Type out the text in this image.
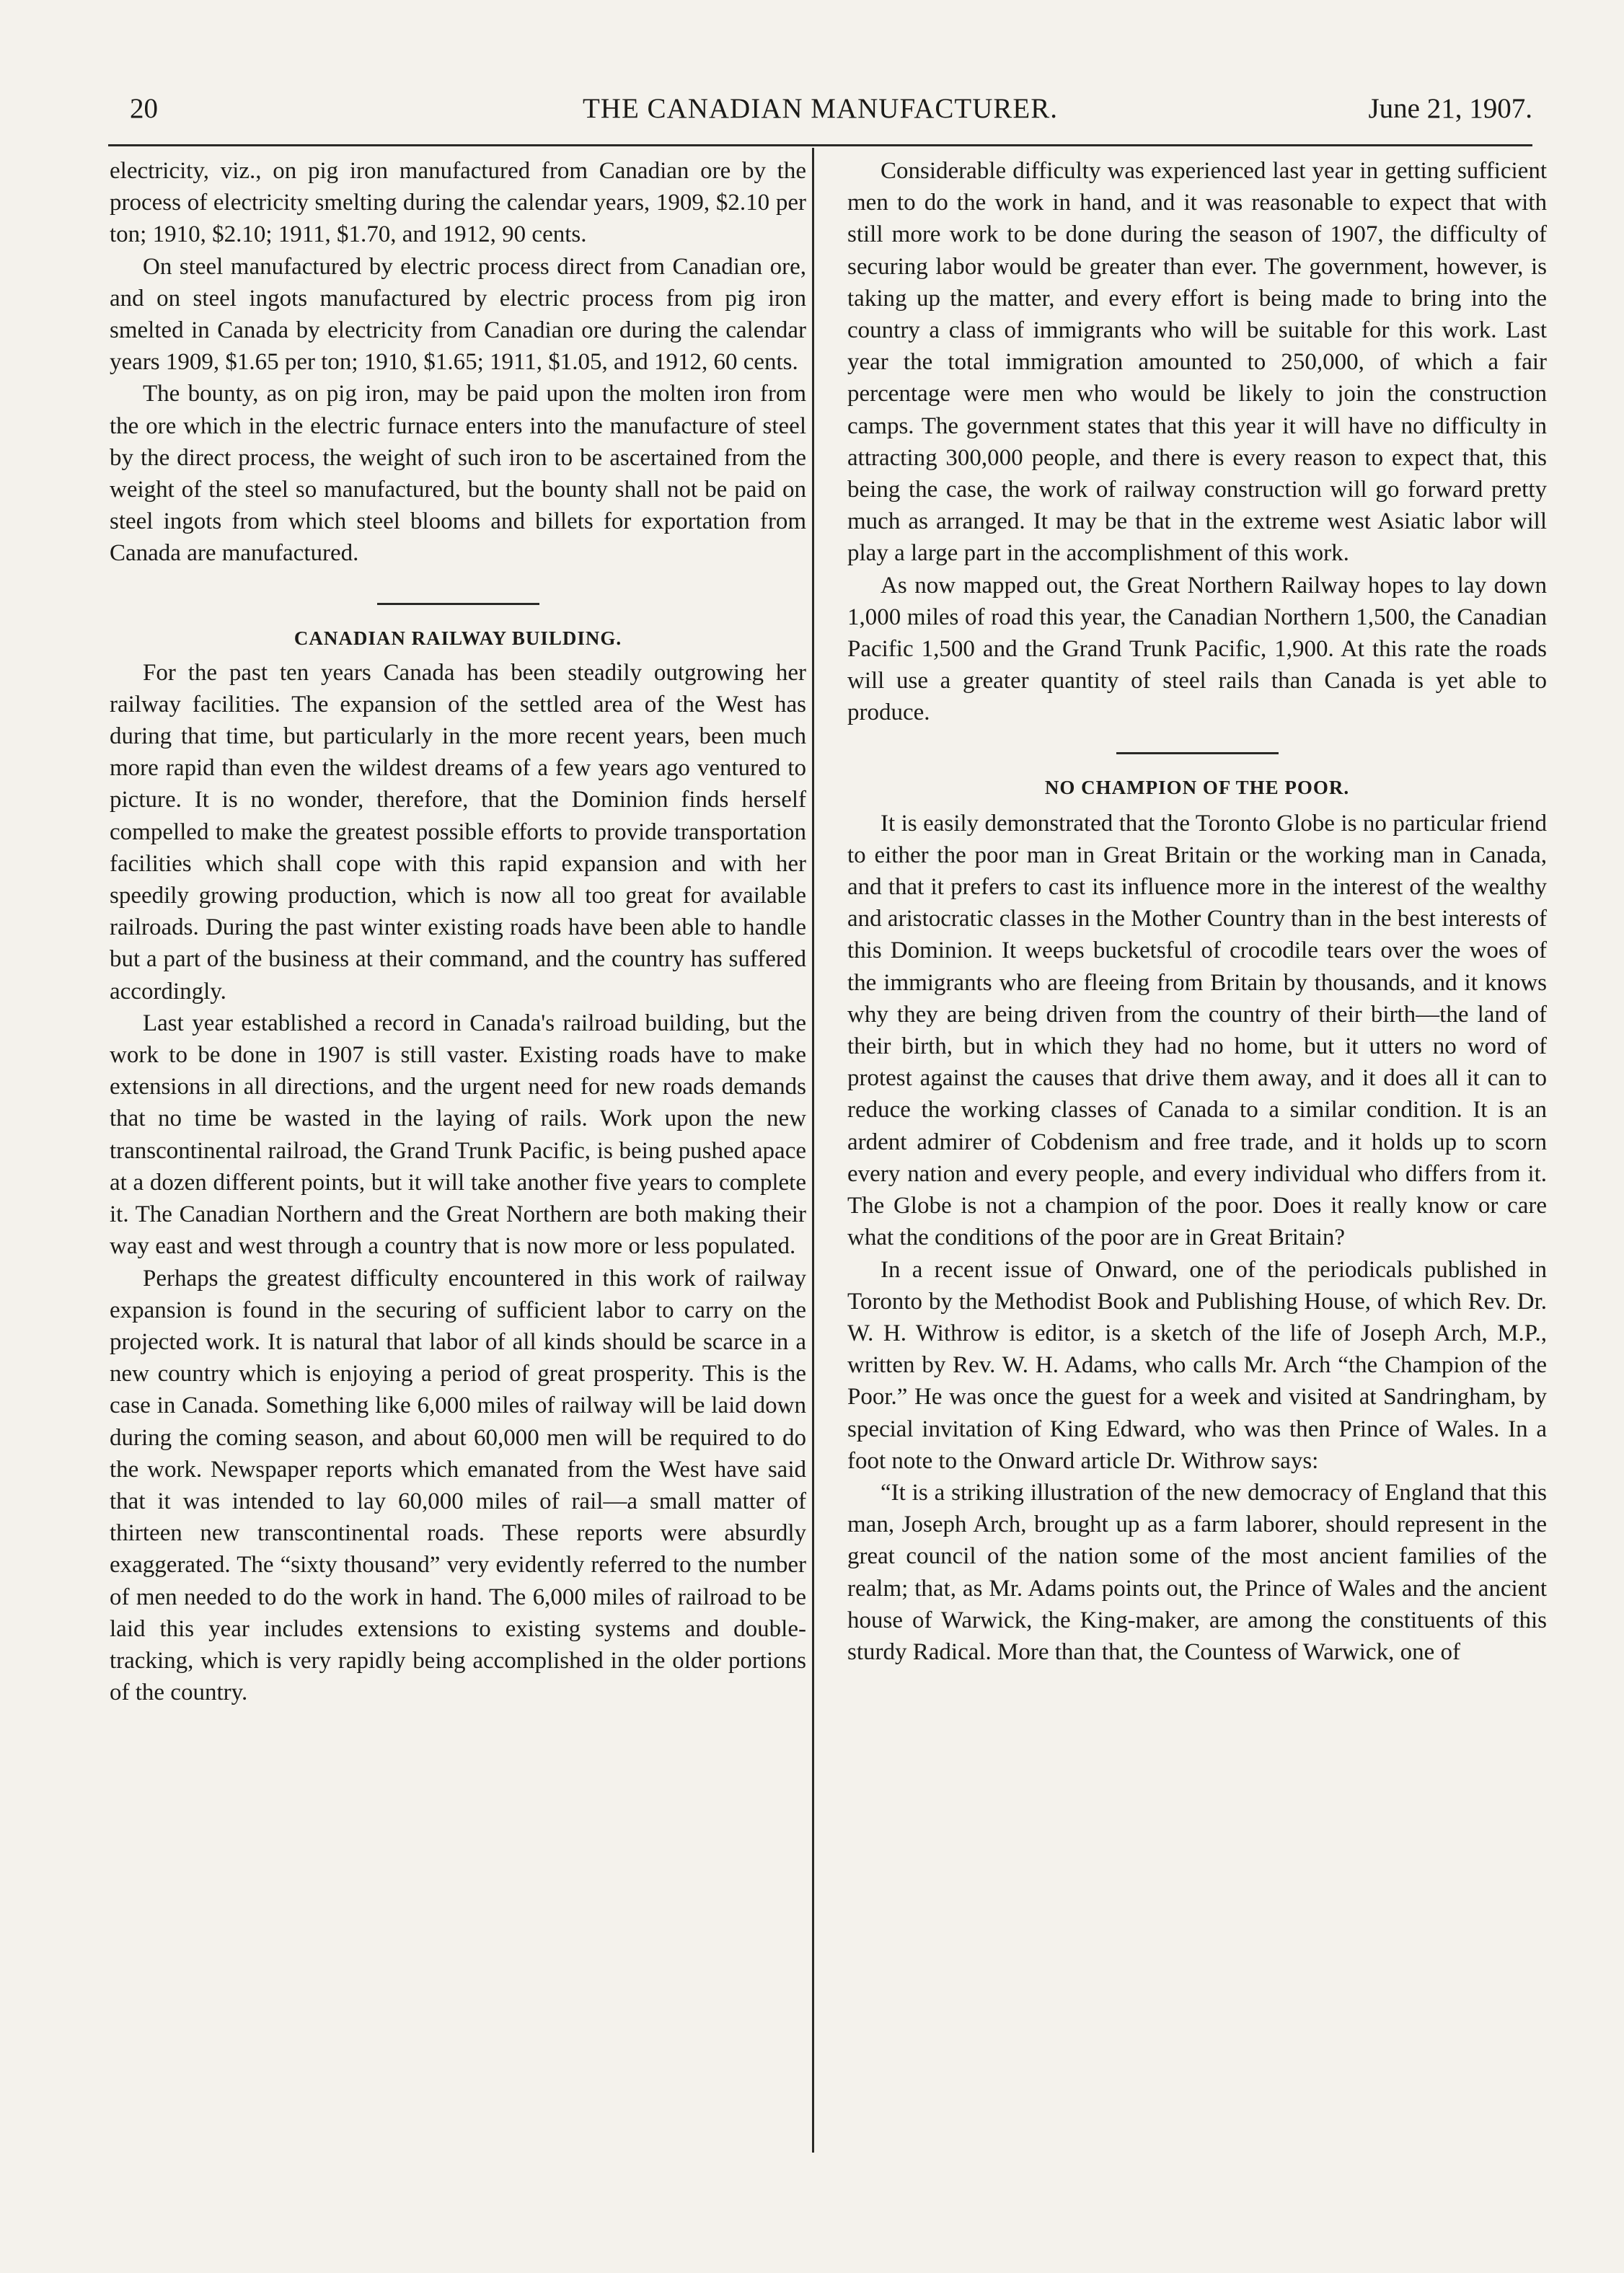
20	THE CANADIAN MANUFACTURER.	June 21, 1907.

electricity, viz., on pig iron manufactured from Canadian ore by the process of electricity smelting during the calendar years, 1909, $2.10 per ton; 1910, $2.10; 1911, $1.70, and 1912, 90 cents.

On steel manufactured by electric process direct from Canadian ore, and on steel ingots manufactured by electric process from pig iron smelted in Canada by electricity from Canadian ore during the calendar years 1909, $1.65 per ton; 1910, $1.65; 1911, $1.05, and 1912, 60 cents.

The bounty, as on pig iron, may be paid upon the molten iron from the ore which in the electric furnace enters into the manufacture of steel by the direct process, the weight of such iron to be ascertained from the weight of the steel so manufactured, but the bounty shall not be paid on steel ingots from which steel blooms and billets for exportation from Canada are manufactured.

CANADIAN RAILWAY BUILDING.

For the past ten years Canada has been steadily outgrowing her railway facilities. The expansion of the settled area of the West has during that time, but particularly in the more recent years, been much more rapid than even the wildest dreams of a few years ago ventured to picture. It is no wonder, therefore, that the Dominion finds herself compelled to make the greatest possible efforts to provide transportation facilities which shall cope with this rapid expansion and with her speedily growing production, which is now all too great for available railroads. During the past winter existing roads have been able to handle but a part of the business at their command, and the country has suffered accordingly.

Last year established a record in Canada's railroad building, but the work to be done in 1907 is still vaster. Existing roads have to make extensions in all directions, and the urgent need for new roads demands that no time be wasted in the laying of rails. Work upon the new transcontinental railroad, the Grand Trunk Pacific, is being pushed apace at a dozen different points, but it will take another five years to complete it. The Canadian Northern and the Great Northern are both making their way east and west through a country that is now more or less populated.

Perhaps the greatest difficulty encountered in this work of railway expansion is found in the securing of sufficient labor to carry on the projected work. It is natural that labor of all kinds should be scarce in a new country which is enjoying a period of great prosperity. This is the case in Canada. Something like 6,000 miles of railway will be laid down during the coming season, and about 60,000 men will be required to do the work. Newspaper reports which emanated from the West have said that it was intended to lay 60,000 miles of rail—a small matter of thirteen new transcontinental roads. These reports were absurdly exaggerated. The “sixty thousand” very evidently referred to the number of men needed to do the work in hand. The 6,000 miles of railroad to be laid this year includes extensions to existing systems and double-tracking, which is very rapidly being accomplished in the older portions of the country.

Considerable difficulty was experienced last year in getting sufficient men to do the work in hand, and it was reasonable to expect that with still more work to be done during the season of 1907, the difficulty of securing labor would be greater than ever. The government, however, is taking up the matter, and every effort is being made to bring into the country a class of immigrants who will be suitable for this work. Last year the total immigration amounted to 250,000, of which a fair percentage were men who would be likely to join the construction camps. The government states that this year it will have no difficulty in attracting 300,000 people, and there is every reason to expect that, this being the case, the work of railway construction will go forward pretty much as arranged. It may be that in the extreme west Asiatic labor will play a large part in the accomplishment of this work.

As now mapped out, the Great Northern Railway hopes to lay down 1,000 miles of road this year, the Canadian Northern 1,500, the Canadian Pacific 1,500 and the Grand Trunk Pacific, 1,900. At this rate the roads will use a greater quantity of steel rails than Canada is yet able to produce.

NO CHAMPION OF THE POOR.

It is easily demonstrated that the Toronto Globe is no particular friend to either the poor man in Great Britain or the working man in Canada, and that it prefers to cast its influence more in the interest of the wealthy and aristocratic classes in the Mother Country than in the best interests of this Dominion. It weeps bucketsful of crocodile tears over the woes of the immigrants who are fleeing from Britain by thousands, and it knows why they are being driven from the country of their birth—the land of their birth, but in which they had no home, but it utters no word of protest against the causes that drive them away, and it does all it can to reduce the working classes of Canada to a similar condition. It is an ardent admirer of Cobdenism and free trade, and it holds up to scorn every nation and every people, and every individual who differs from it. The Globe is not a champion of the poor. Does it really know or care what the conditions of the poor are in Great Britain?

In a recent issue of Onward, one of the periodicals published in Toronto by the Methodist Book and Publishing House, of which Rev. Dr. W. H. Withrow is editor, is a sketch of the life of Joseph Arch, M.P., written by Rev. W. H. Adams, who calls Mr. Arch “the Champion of the Poor.” He was once the guest for a week and visited at Sandringham, by special invitation of King Edward, who was then Prince of Wales. In a foot note to the Onward article Dr. Withrow says:

“It is a striking illustration of the new democracy of England that this man, Joseph Arch, brought up as a farm laborer, should represent in the great council of the nation some of the most ancient families of the realm; that, as Mr. Adams points out, the Prince of Wales and the ancient house of Warwick, the King-maker, are among the constituents of this sturdy Radical. More than that, the Countess of Warwick, one of
